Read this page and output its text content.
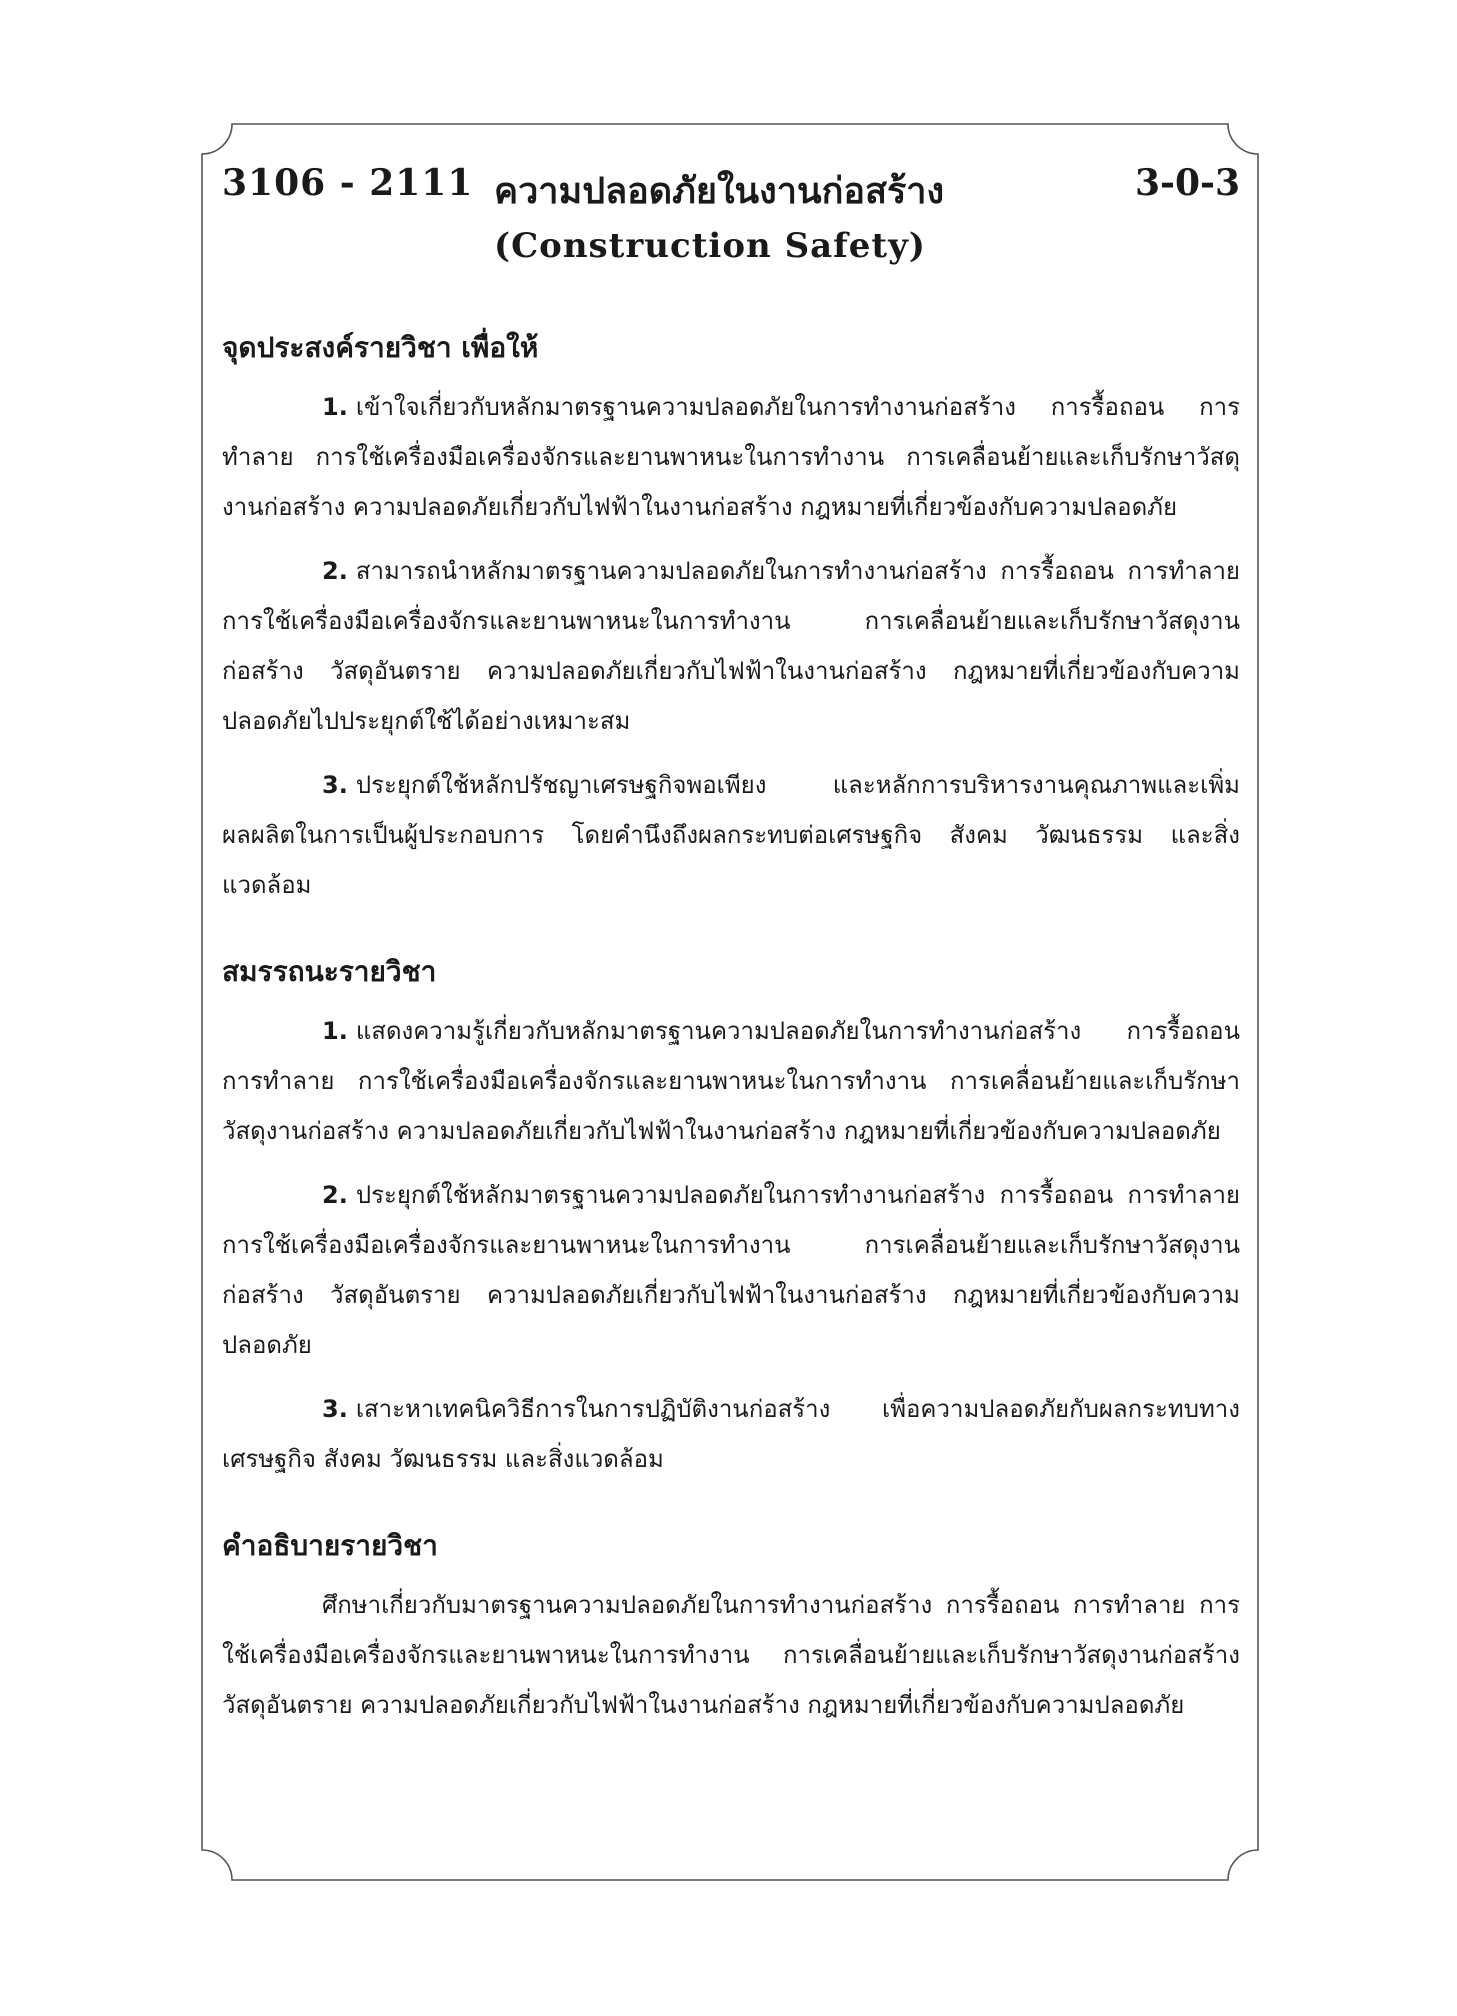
3106 - 2111 ความปลอดภัยในงานก่อสร้าง	3-0-3
(Construction Safety)
จุดประสงค์รายวิชา เพื่อให้

1. เข้าใจเกี่ยวกับหลักมาตรฐานความปลอดภัยในการทำงานก่อสร้าง การรื้อถอน การทำลาย การใช้เครื่องมือเครื่องจักรและยานพาหนะในการทำงาน การเคลื่อนย้ายและเก็บรักษาวัสดุงานก่อสร้าง ความปลอดภัยเกี่ยวกับไฟฟ้าในงานก่อสร้าง กฎหมายที่เกี่ยวข้องกับความปลอดภัย

2. สามารถนำหลักมาตรฐานความปลอดภัยในการทำงานก่อสร้าง การรื้อถอน การทำลาย การใช้เครื่องมือเครื่องจักรและยานพาหนะในการทำงาน การเคลื่อนย้ายและเก็บรักษาวัสดุงานก่อสร้าง วัสดุอันตราย ความปลอดภัยเกี่ยวกับไฟฟ้าในงานก่อสร้าง กฎหมายที่เกี่ยวข้องกับความปลอดภัยไปประยุกต์ใช้ได้อย่างเหมาะสม

3. ประยุกต์ใช้หลักปรัชญาเศรษฐกิจพอเพียง และหลักการบริหารงานคุณภาพและเพิ่มผลผลิตในการเป็นผู้ประกอบการ โดยคำนึงถึงผลกระทบต่อเศรษฐกิจ สังคม วัฒนธรรม และสิ่งแวดล้อม

สมรรถนะรายวิชา

1. แสดงความรู้เกี่ยวกับหลักมาตรฐานความปลอดภัยในการทำงานก่อสร้าง การรื้อถอน การทำลาย การใช้เครื่องมือเครื่องจักรและยานพาหนะในการทำงาน การเคลื่อนย้ายและเก็บรักษาวัสดุงานก่อสร้าง ความปลอดภัยเกี่ยวกับไฟฟ้าในงานก่อสร้าง กฎหมายที่เกี่ยวข้องกับความปลอดภัย

2. ประยุกต์ใช้หลักมาตรฐานความปลอดภัยในการทำงานก่อสร้าง การรื้อถอน การทำลาย การใช้เครื่องมือเครื่องจักรและยานพาหนะในการทำงาน การเคลื่อนย้ายและเก็บรักษาวัสดุงานก่อสร้าง วัสดุอันตราย ความปลอดภัยเกี่ยวกับไฟฟ้าในงานก่อสร้าง กฎหมายที่เกี่ยวข้องกับความปลอดภัย

3. เสาะหาเทคนิควิธีการในการปฏิบัติงานก่อสร้าง เพื่อความปลอดภัยกับผลกระทบทางเศรษฐกิจ สังคม วัฒนธรรม และสิ่งแวดล้อม

คำอธิบายรายวิชา

ศึกษาเกี่ยวกับมาตรฐานความปลอดภัยในการทำงานก่อสร้าง การรื้อถอน การทำลาย การใช้เครื่องมือเครื่องจักรและยานพาหนะในการทำงาน การเคลื่อนย้ายและเก็บรักษาวัสดุงานก่อสร้าง วัสดุอันตราย ความปลอดภัยเกี่ยวกับไฟฟ้าในงานก่อสร้าง กฎหมายที่เกี่ยวข้องกับความปลอดภัย
